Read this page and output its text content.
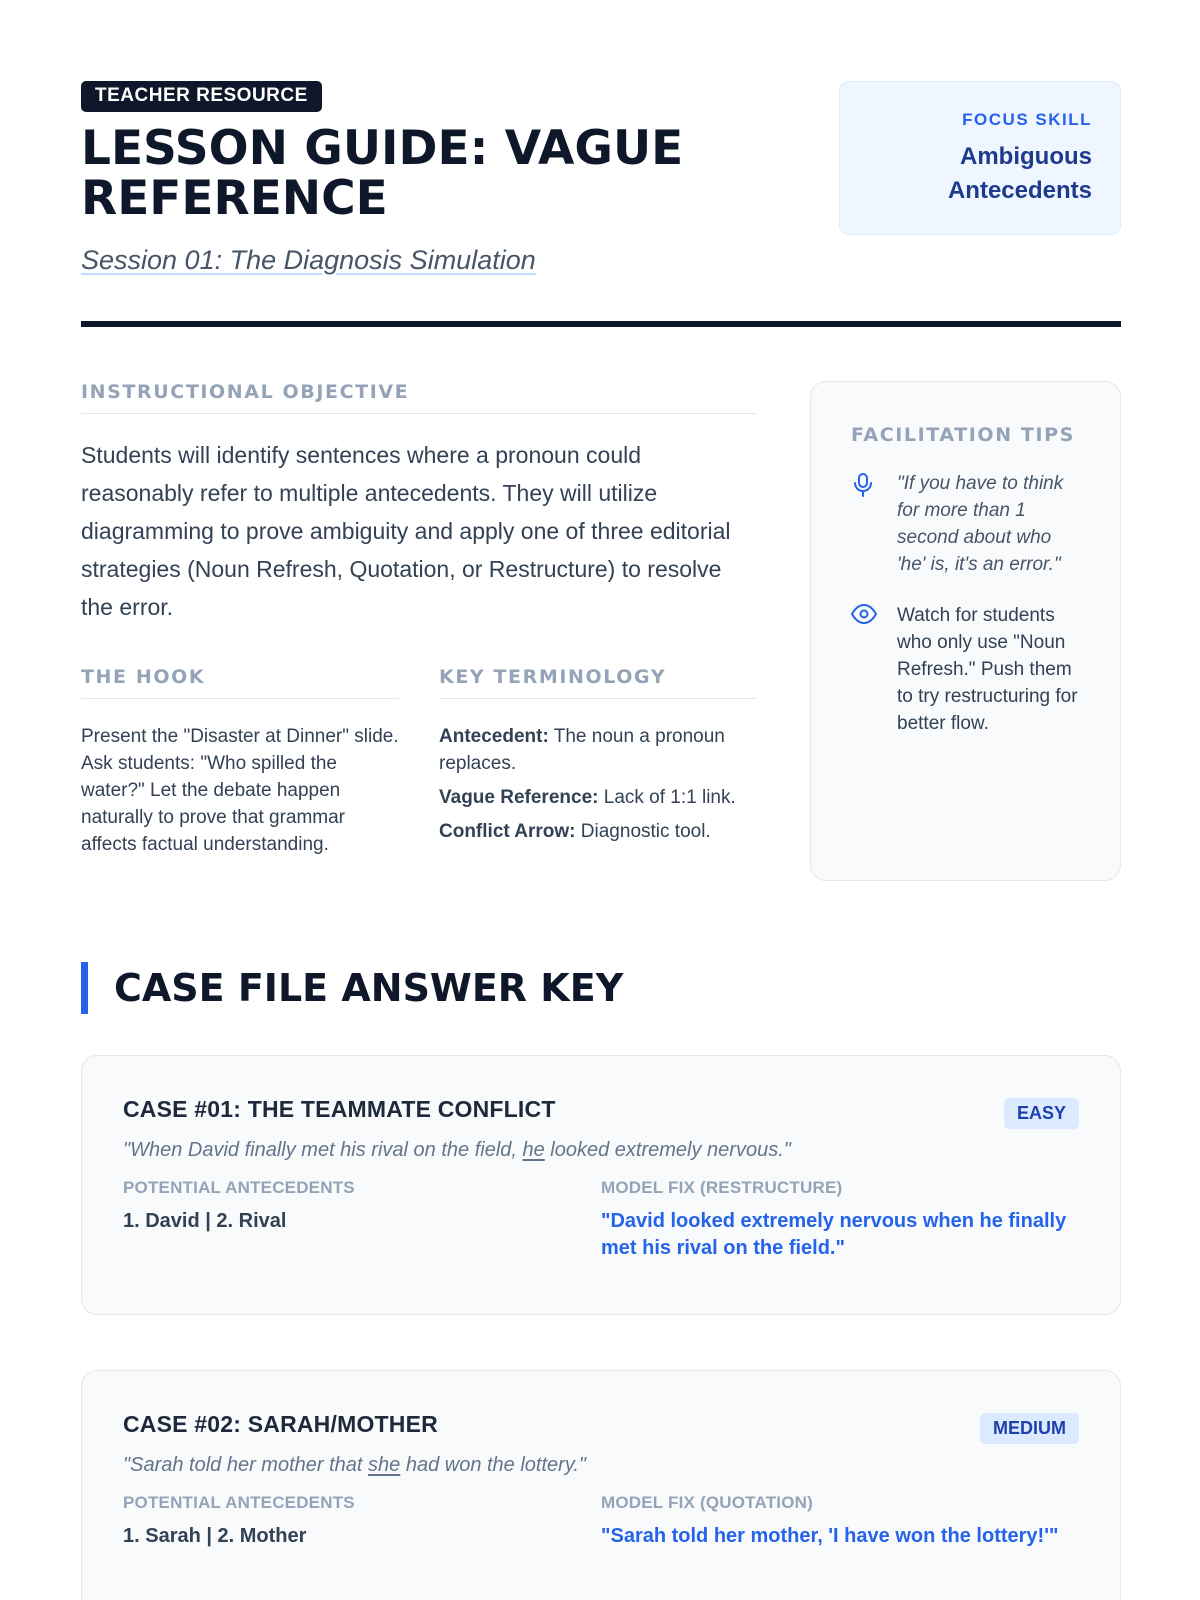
TEACHER RESOURCE
LESSON GUIDE: VAGUE REFERENCE
Session 01: The Diagnosis Simulation
FOCUS SKILL
Ambiguous
Antecedents
INSTRUCTIONAL OBJECTIVE

Students will identify sentences where a pronoun could reasonably refer to multiple antecedents. They will utilize diagramming to prove ambiguity and apply one of three editorial strategies (Noun Refresh, Quotation, or Restructure) to resolve the error.

THE HOOK

Present the "Disaster at Dinner" slide. Ask students: "Who spilled the water?" Let the debate happen naturally to prove that grammar affects factual understanding.

KEY TERMINOLOGY
Antecedent: The noun a pronoun replaces.
Vague Reference: Lack of 1:1 link.
Conflict Arrow: Diagnostic tool.
FACILITATION TIPS

"If you have to think for more than 1 second about who 'he' is, it's an error."

Watch for students who only use "Noun Refresh." Push them to try restructuring for better flow.

CASE FILE ANSWER KEY
CASE #01: THE TEAMMATE CONFLICT	EASY

"When David finally met his rival on the field, he looked extremely nervous."

POTENTIAL ANTECEDENTS
1. David | 2. Rival
MODEL FIX (RESTRUCTURE)
"David looked extremely nervous when he finally met his rival on the field."
CASE #02: SARAH/MOTHER	MEDIUM

"Sarah told her mother that she had won the lottery."

POTENTIAL ANTECEDENTS
1. Sarah | 2. Mother
MODEL FIX (QUOTATION)
"Sarah told her mother, 'I have won the lottery!'"
